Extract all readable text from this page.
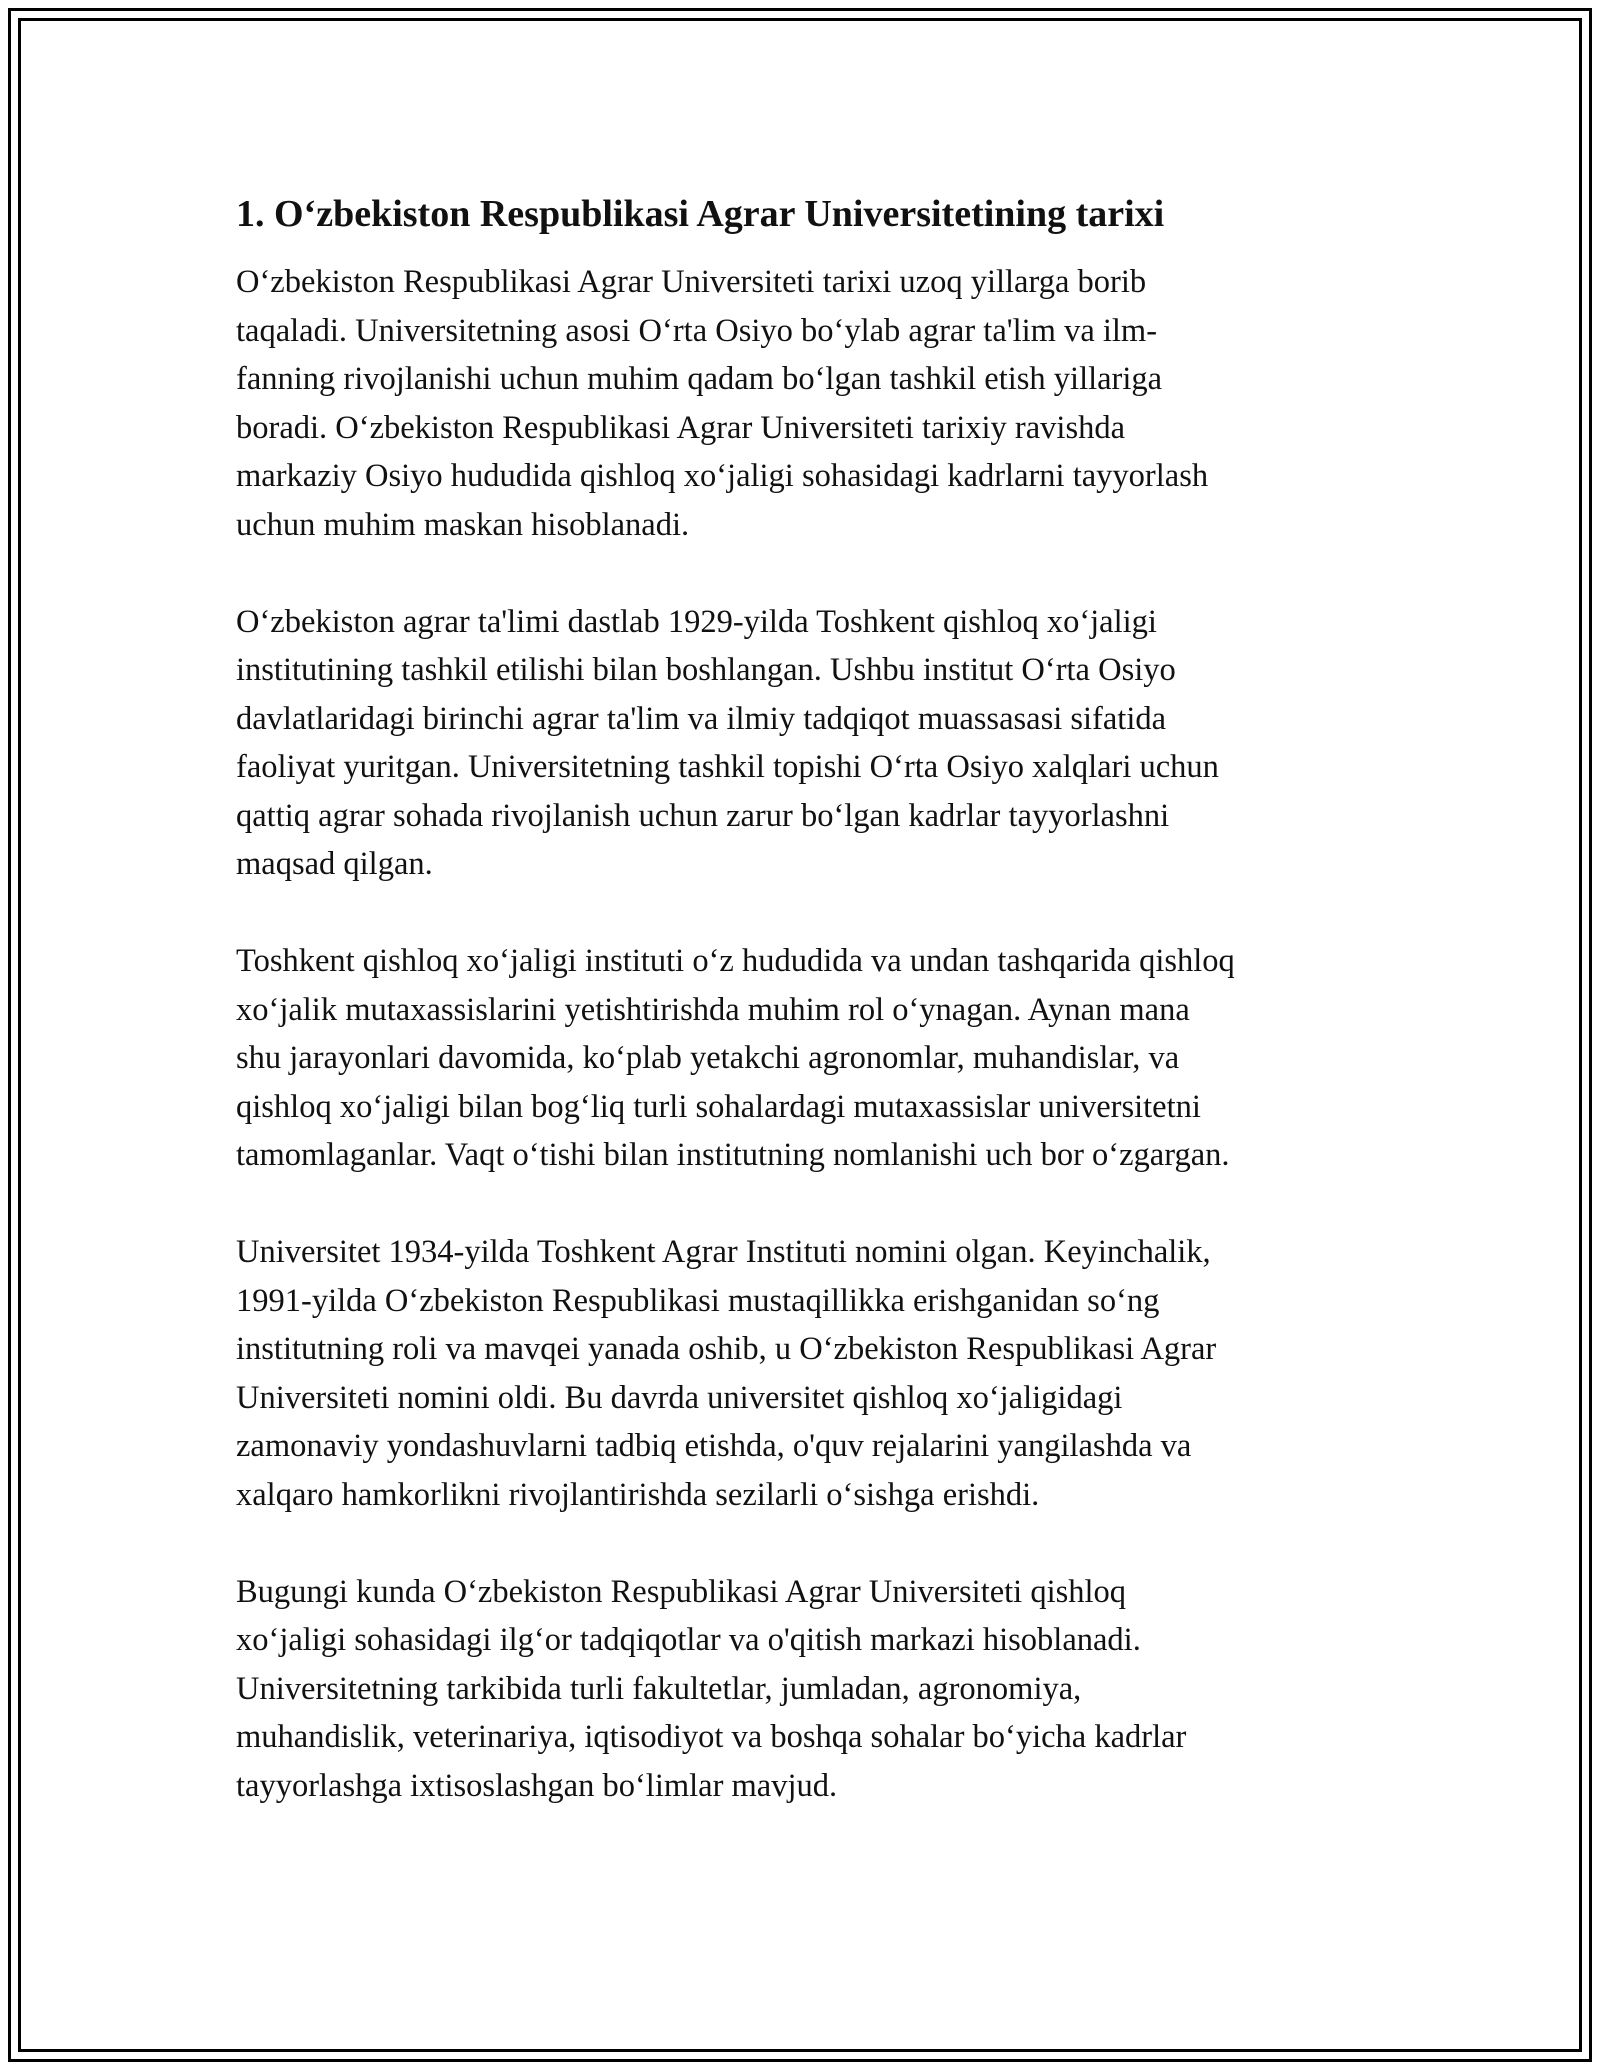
1. O‘zbekiston Respublikasi Agrar Universitetining tarixi

O‘zbekiston Respublikasi Agrar Universiteti tarixi uzoq yillarga borib
taqaladi. Universitetning asosi O‘rta Osiyo bo‘ylab agrar ta'lim va ilm-
fanning rivojlanishi uchun muhim qadam bo‘lgan tashkil etish yillariga
boradi. O‘zbekiston Respublikasi Agrar Universiteti tarixiy ravishda
markaziy Osiyo hududida qishloq xo‘jaligi sohasidagi kadrlarni tayyorlash
uchun muhim maskan hisoblanadi.

O‘zbekiston agrar ta'limi dastlab 1929-yilda Toshkent qishloq xo‘jaligi
institutining tashkil etilishi bilan boshlangan. Ushbu institut O‘rta Osiyo
davlatlaridagi birinchi agrar ta'lim va ilmiy tadqiqot muassasasi sifatida
faoliyat yuritgan. Universitetning tashkil topishi O‘rta Osiyo xalqlari uchun
qattiq agrar sohada rivojlanish uchun zarur bo‘lgan kadrlar tayyorlashni
maqsad qilgan.

Toshkent qishloq xo‘jaligi instituti o‘z hududida va undan tashqarida qishloq
xo‘jalik mutaxassislarini yetishtirishda muhim rol o‘ynagan. Aynan mana
shu jarayonlari davomida, ko‘plab yetakchi agronomlar, muhandislar, va
qishloq xo‘jaligi bilan bog‘liq turli sohalardagi mutaxassislar universitetni
tamomlaganlar. Vaqt o‘tishi bilan institutning nomlanishi uch bor o‘zgargan.

Universitet 1934-yilda Toshkent Agrar Instituti nomini olgan. Keyinchalik,
1991-yilda O‘zbekiston Respublikasi mustaqillikka erishganidan so‘ng
institutning roli va mavqei yanada oshib, u O‘zbekiston Respublikasi Agrar
Universiteti nomini oldi. Bu davrda universitet qishloq xo‘jaligidagi
zamonaviy yondashuvlarni tadbiq etishda, o'quv rejalarini yangilashda va
xalqaro hamkorlikni rivojlantirishda sezilarli o‘sishga erishdi.

Bugungi kunda O‘zbekiston Respublikasi Agrar Universiteti qishloq
xo‘jaligi sohasidagi ilg‘or tadqiqotlar va o'qitish markazi hisoblanadi.
Universitetning tarkibida turli fakultetlar, jumladan, agronomiya,
muhandislik, veterinariya, iqtisodiyot va boshqa sohalar bo‘yicha kadrlar
tayyorlashga ixtisoslashgan bo‘limlar mavjud.
